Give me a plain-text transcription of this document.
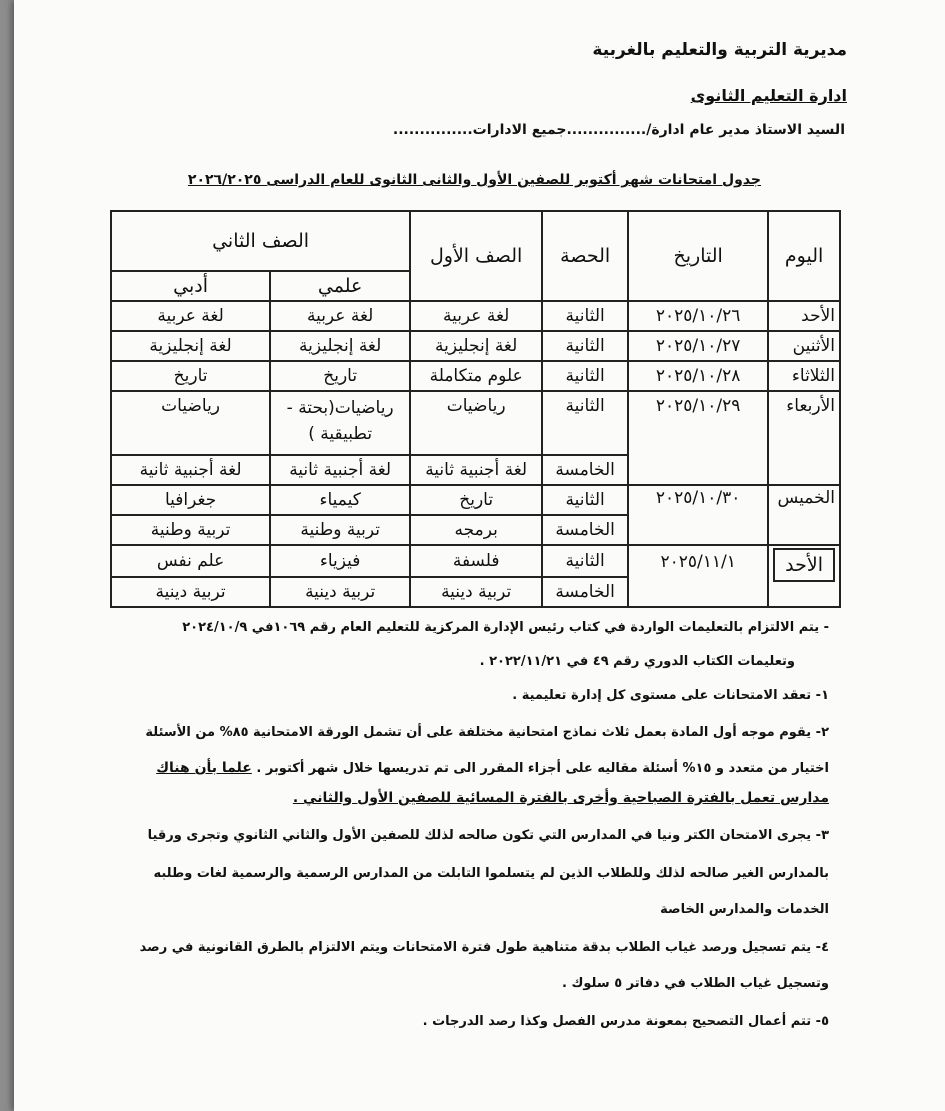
مديرية التربية والتعليم بالغربية
ادارة التعليم الثانوى
السيد الاستاذ مدير عام ادارة/...............جميع الادارات...............
جدول امتحانات شهر أكتوبر للصفين الأول والثانى الثانوى للعام الدراسى ٢٠٢٦/٢٠٢٥
اليوم	التاريخ	الحصة	الصف الأول	الصف الثاني	
				علمي	أدبي
الأحد	٢٠٢٥/١٠/٢٦	الثانية	لغة عربية	لغة عربية	لغة عربية
الأثنين	٢٠٢٥/١٠/٢٧	الثانية	لغة إنجليزية	لغة إنجليزية	لغة إنجليزية
الثلاثاء	٢٠٢٥/١٠/٢٨	الثانية	علوم متكاملة	تاريخ	تاريخ
الأربعاء	٢٠٢٥/١٠/٢٩	الثانية	رياضيات	رياضيات(بحتة - تطبيقية )	رياضيات
		الخامسة	لغة أجنبية ثانية	لغة أجنبية ثانية	لغة أجنبية ثانية
الخميس	٢٠٢٥/١٠/٣٠	الثانية	تاريخ	كيمياء	جغرافيا
		الخامسة	برمجه	تربية وطنية	تربية وطنية
الأحد	٢٠٢٥/١١/١	الثانية	فلسفة	فيزياء	علم نفس
		الخامسة	تربية دينية	تربية دينية	تربية دينية
- يتم الالتزام بالتعليمات الواردة في كتاب رئيس الإدارة المركزية للتعليم العام رقم ١٠٦٩في ٢٠٢٤/١٠/٩
وتعليمات الكتاب الدوري رقم ٤٩ في ٢٠٢٢/١١/٢١ .
١- تعقد الامتحانات على مستوى كل إدارة تعليمية .
٢- يقوم موجه أول المادة بعمل ثلاث نماذج امتحانية مختلفة على أن تشمل الورقة الامتحانية ٨٥% من الأسئلة
اختيار من متعدد و ١٥% أسئلة مقاليه على أجزاء المقرر الى تم تدريسها خلال شهر أكتوبر . علما بأن هناك
مدارس تعمل بالفترة الصباحية وأخرى بالفترة المسائية للصفين الأول والثاني .
٣- يجرى الامتحان الكتر ونيا في المدارس التي تكون صالحه لذلك للصفين الأول والثاني الثانوي وتجرى ورقيا
بالمدارس الغير صالحه لذلك وللطلاب الذين لم يتسلموا التابلت من المدارس الرسمية والرسمية لغات وطلبه
الخدمات والمدارس الخاصة
٤- يتم تسجيل ورصد غياب الطلاب بدقة متناهية طول فترة الامتحانات ويتم الالتزام بالطرق القانونية في رصد
وتسجيل غياب الطلاب في دفاتر ٥ سلوك .
٥- تتم أعمال التصحيح بمعونة مدرس الفصل وكذا رصد الدرجات .
